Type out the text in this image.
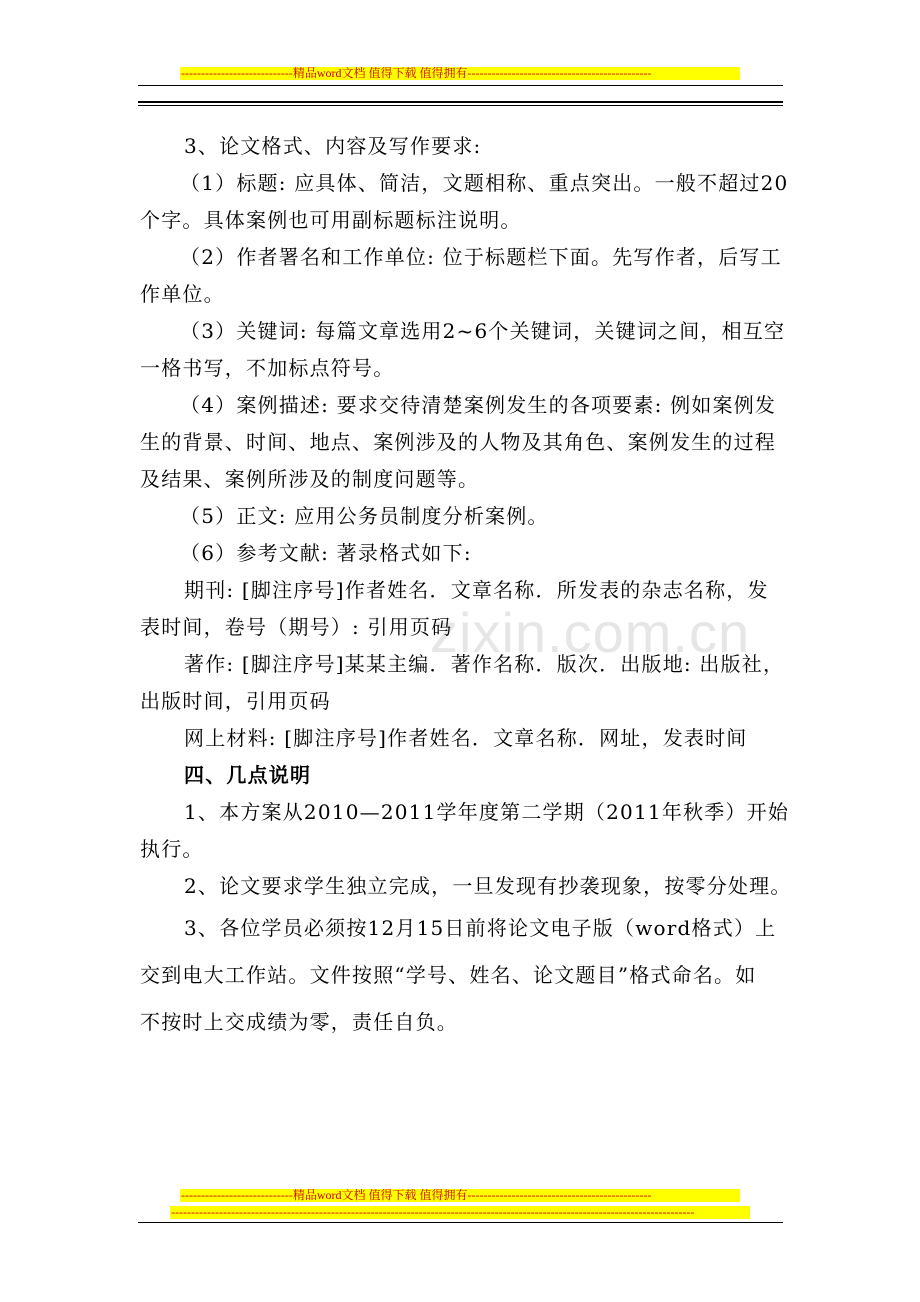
----------------------------精品word文档 值得下载 值得拥有----------------------------------------------
zixin.com.cn

3、论文格式、内容及写作要求:

（1）标题: 应具体、简洁，文题相称、重点突出。一般不超过20

个字。具体案例也可用副标题标注说明。

（2）作者署名和工作单位: 位于标题栏下面。先写作者，后写工

作单位。

（3）关键词: 每篇文章选用2~6个关键词，关键词之间，相互空

一格书写，不加标点符号。

（4）案例描述: 要求交待清楚案例发生的各项要素: 例如案例发

生的背景、时间、地点、案例涉及的人物及其角色、案例发生的过程

及结果、案例所涉及的制度问题等。

（5）正文: 应用公务员制度分析案例。

（6）参考文献: 著录格式如下:

期刊: [脚注序号]作者姓名．文章名称．所发表的杂志名称，发

表时间，卷号（期号）: 引用页码

著作: [脚注序号]某某主编．著作名称．版次．出版地: 出版社，

出版时间，引用页码

网上材料: [脚注序号]作者姓名．文章名称．网址，发表时间

四、几点说明

1、本方案从2010—2011学年度第二学期（2011年秋季）开始

执行。

2、论文要求学生独立完成，一旦发现有抄袭现象，按零分处理。

3、各位学员必须按12月15日前将论文电子版（word格式）上

交到电大工作站。文件按照“学号、姓名、论文题目”格式命名。如

不按时上交成绩为零，责任自负。

----------------------------精品word文档 值得下载 值得拥有----------------------------------------------
-----------------------------------------------------------------------------------------------------------------------------------
